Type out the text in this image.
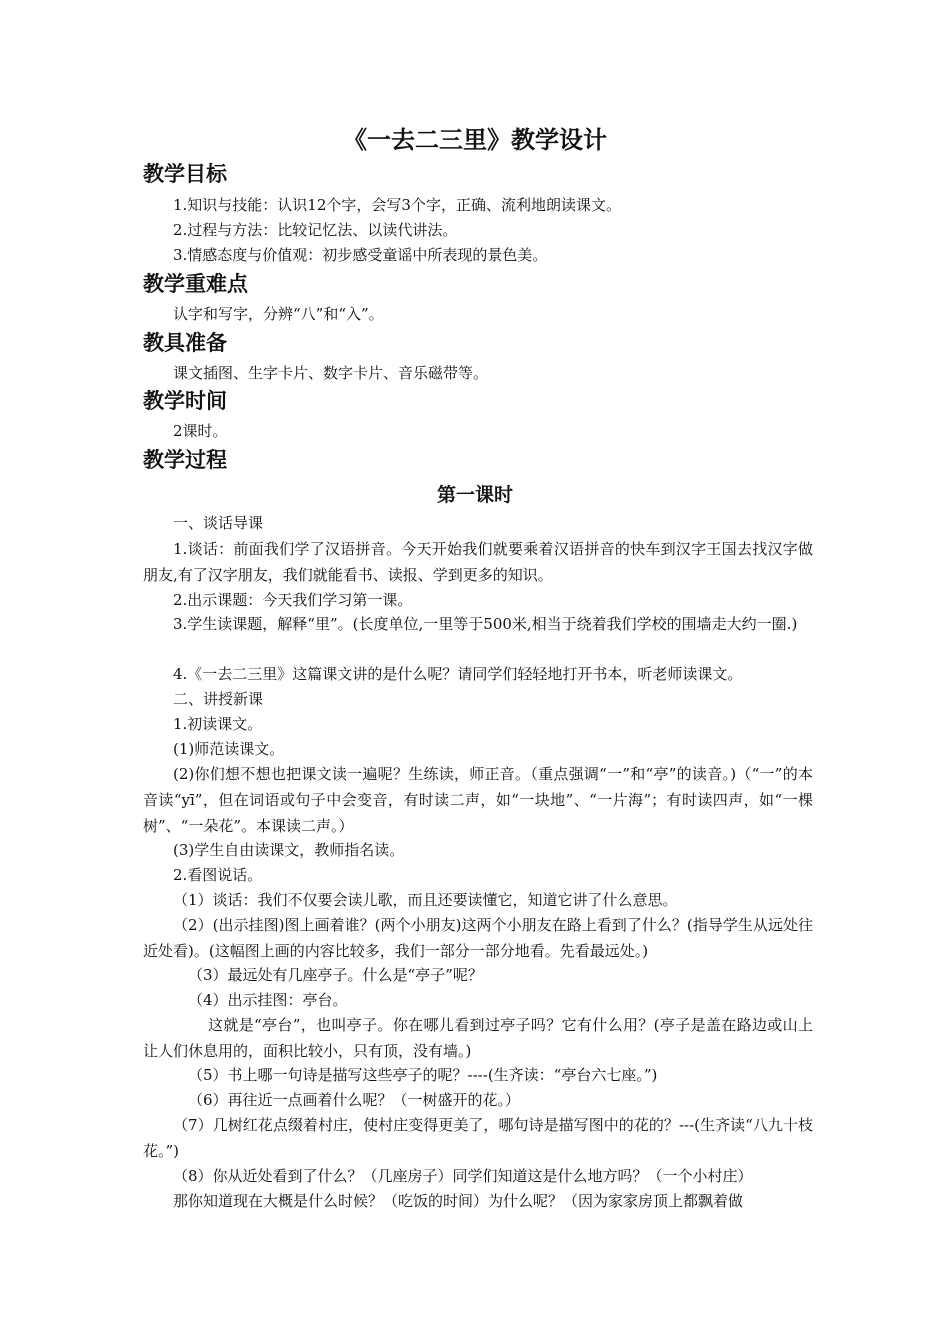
《一去二三里》教学设计
教学目标
1.知识与技能：认识12个字，会写3个字，正确、流利地朗读课文。
2.过程与方法：比较记忆法、以读代讲法。
3.情感态度与价值观：初步感受童谣中所表现的景色美。
教学重难点
认字和写字，分辨“八”和“入”。
教具准备
课文插图、生字卡片、数字卡片、音乐磁带等。
教学时间
2课时。
教学过程
第一课时
一、谈话导课
1.谈话：前面我们学了汉语拼音。今天开始我们就要乘着汉语拼音的快车到汉字王国去找汉字做朋友,有了汉字朋友，我们就能看书、读报、学到更多的知识。
2.出示课题：今天我们学习第一课。
3.学生读课题，解释“里”。(长度单位,一里等于500米,相当于绕着我们学校的围墙走大约一圈.)
4.《一去二三里》这篇课文讲的是什么呢？请同学们轻轻地打开书本，听老师读课文。
二、讲授新课
1.初读课文。
(1)师范读课文。
(2)你们想不想也把课文读一遍呢？生练读，师正音。（重点强调“一”和“亭”的读音。)（“一”的本音读“yī”，但在词语或句子中会变音，有时读二声，如“一块地”、“一片海”；有时读四声，如“一棵树”、“一朵花”。本课读二声。）
(3)学生自由读课文，教师指名读。
2.看图说话。
（1）谈话：我们不仅要会读儿歌，而且还要读懂它，知道它讲了什么意思。
（2）(出示挂图)图上画着谁？(两个小朋友)这两个小朋友在路上看到了什么？(指导学生从远处往近处看)。(这幅图上画的内容比较多，我们一部分一部分地看。先看最远处。)
（3）最远处有几座亭子。什么是“亭子”呢？
（4）出示挂图：亭台。
这就是“亭台”，也叫亭子。你在哪儿看到过亭子吗？它有什么用？(亭子是盖在路边或山上让人们休息用的，面积比较小，只有顶，没有墙。)
（5）书上哪一句诗是描写这些亭子的呢？----(生齐读：“亭台六七座。”)
（6）再往近一点画着什么呢？（一树盛开的花。）
（7）几树红花点缀着村庄，使村庄变得更美了，哪句诗是描写图中的花的？---(生齐读“八九十枝花。”)
（8）你从近处看到了什么？（几座房子）同学们知道这是什么地方吗？（一个小村庄）
那你知道现在大概是什么时候？（吃饭的时间）为什么呢？（因为家家房顶上都飘着做
